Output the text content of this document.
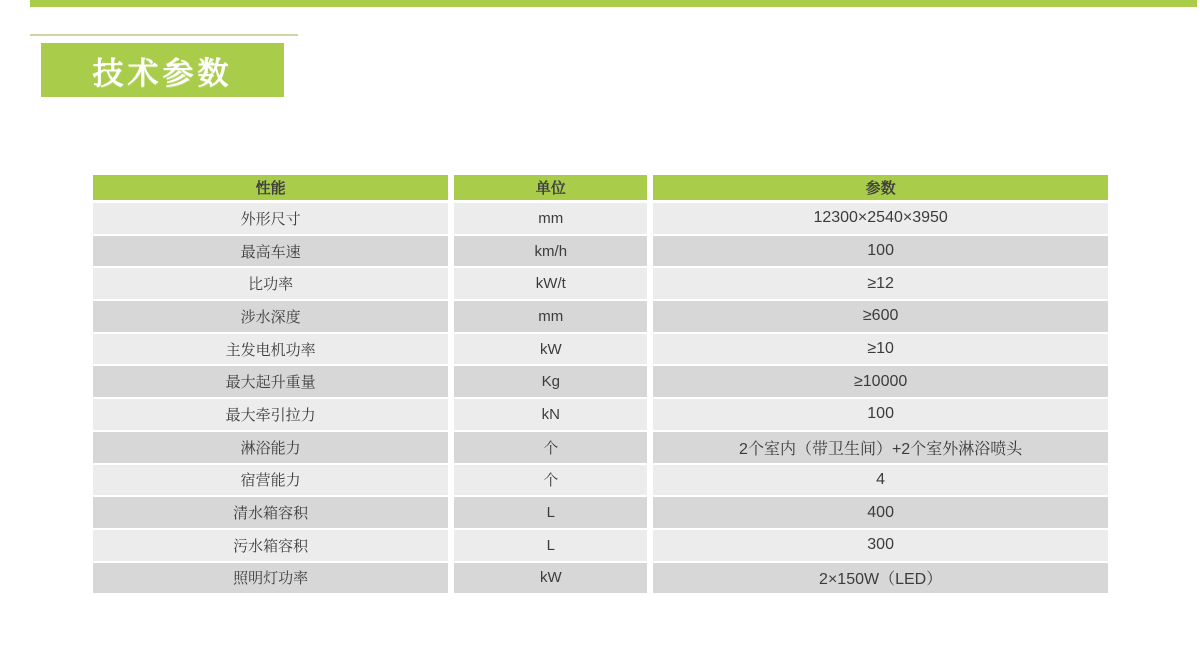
技术参数
性能	单位	参数
外形尺寸	mm	12300×2540×3950
最高车速	km/h	100
比功率	kW/t	≥12
涉水深度	mm	≥600
主发电机功率	kW	≥10
最大起升重量	Kg	≥10000
最大牵引拉力	kN	100
淋浴能力	个	2个室内（带卫生间）+2个室外淋浴喷头
宿营能力	个	4
清水箱容积	L	400
污水箱容积	L	300
照明灯功率	kW	2×150W（LED）
